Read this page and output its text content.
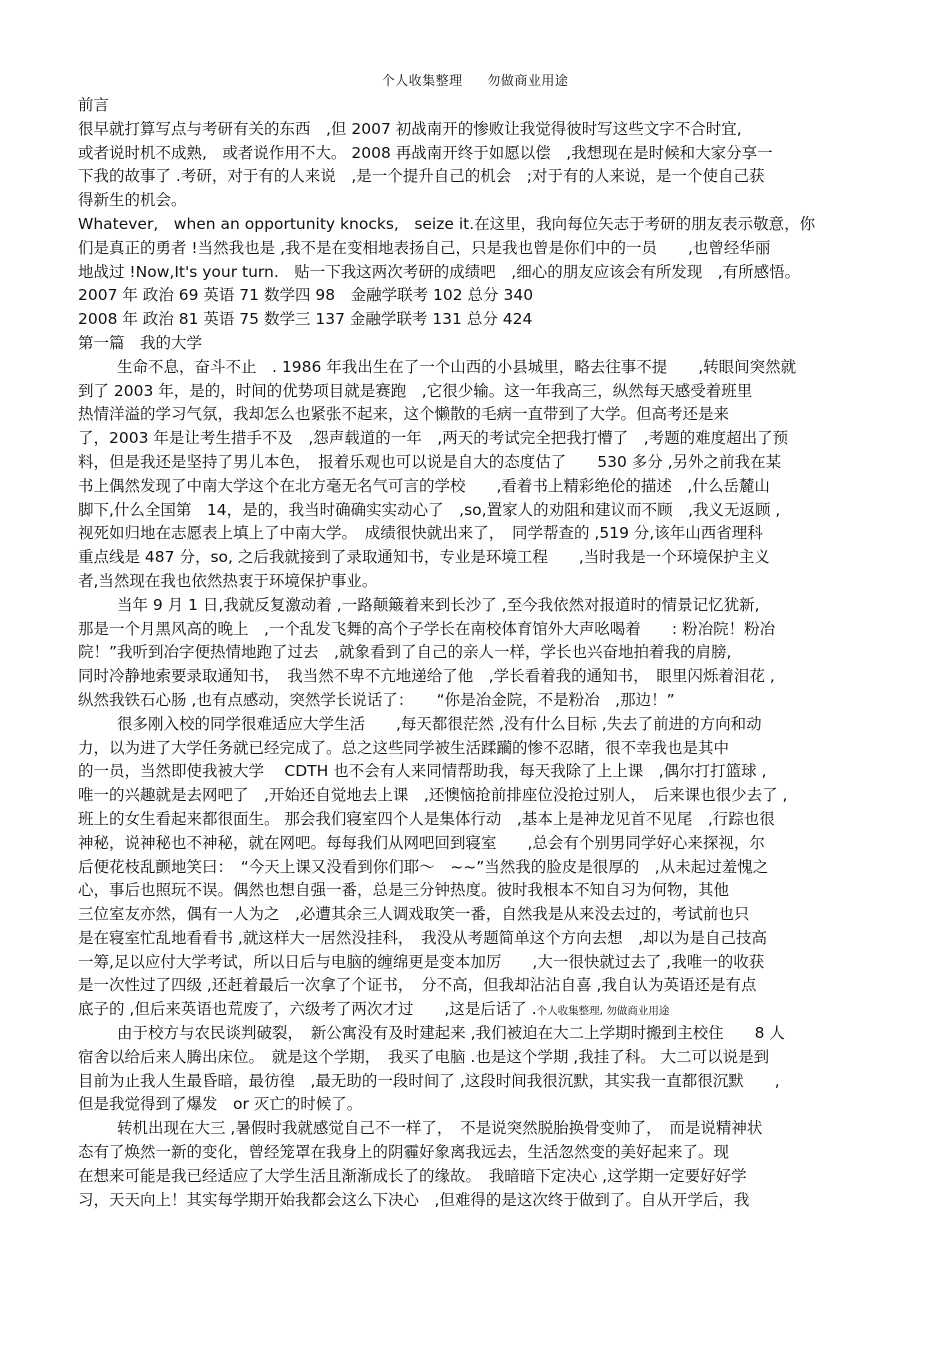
个人收集整理 勿做商业用途
前言
很早就打算写点与考研有关的东西　,但 2007 初战南开的惨败让我觉得彼时写这些文字不合时宜,
或者说时机不成熟,　或者说作用不大。 2008 再战南开终于如愿以偿　,我想现在是时候和大家分享一
下我的故事了 .考研，对于有的人来说　,是一个提升自己的机会　;对于有的人来说，是一个使自己获
得新生的机会。
Whatever,　when an opportunity knocks,　seize it.在这里，我向每位矢志于考研的朋友表示敬意，你
们是真正的勇者 !当然我也是 ,我不是在变相地表扬自己，只是我也曾是你们中的一员　　,也曾经华丽
地战过 !Now,It's your turn.　贴一下我这两次考研的成绩吧　,细心的朋友应该会有所发现　,有所感悟。
2007 年 政治 69 英语 71 数学四 98　金融学联考 102 总分 340
2008 年 政治 81 英语 75 数学三 137 金融学联考 131 总分 424
第一篇　我的大学
生命不息，奋斗不止　. 1986 年我出生在了一个山西的小县城里，略去往事不提　　,转眼间突然就
到了 2003 年，是的，时间的优势项目就是赛跑　,它很少输。这一年我高三，纵然每天感受着班里
热情洋溢的学习气氛，我却怎么也紧张不起来，这个懒散的毛病一直带到了大学。但高考还是来
了，2003 年是让考生措手不及　,怨声载道的一年　,两天的考试完全把我打懵了　,考题的难度超出了预
料，但是我还是坚持了男儿本色，　报着乐观也可以说是自大的态度估了　　530 多分 ,另外之前我在某
书上偶然发现了中南大学这个在北方毫无名气可言的学校　　,看着书上精彩绝伦的描述　,什么岳麓山
脚下,什么全国第　14，是的，我当时确确实实动心了　,so,置家人的劝阻和建议而不顾　,我义无返顾 ,
视死如归地在志愿表上填上了中南大学。　成绩很快就出来了，　同学帮查的 ,519 分,该年山西省理科
重点线是 487 分，so, 之后我就接到了录取通知书，专业是环境工程　　,当时我是一个环境保护主义
者,当然现在我也依然热衷于环境保护事业。
当年 9 月 1 日,我就反复激动着 ,一路颠簸着来到长沙了 ,至今我依然对报道时的情景记忆犹新,
那是一个月黑风高的晚上　,一个乱发飞舞的高个子学长在南校体育馆外大声吆喝着　　: 粉冶院！粉冶
院！”我听到冶字便热情地跑了过去　,就象看到了自己的亲人一样，学长也兴奋地拍着我的肩膀,
同时冷静地索要录取通知书，　我当然不卑不亢地递给了他　,学长看着我的通知书，　眼里闪烁着泪花 ,
纵然我铁石心肠 ,也有点感动，突然学长说话了：　　“你是冶金院，不是粉冶　,那边！”
很多刚入校的同学很难适应大学生活　　,每天都很茫然 ,没有什么目标 ,失去了前进的方向和动
力，以为进了大学任务就已经完成了。总之这些同学被生活蹂躏的惨不忍睹，很不幸我也是其中
的一员，当然即使我被大学　 CDTH 也不会有人来同情帮助我，每天我除了上上课　,偶尔打打篮球 ,
唯一的兴趣就是去网吧了　,开始还自觉地去上课　,还懊恼抢前排座位没抢过别人，　后来课也很少去了 ,
班上的女生看起来都很面生。 那会我们寝室四个人是集体行动　,基本上是神龙见首不见尾　,行踪也很
神秘，说神秘也不神秘，就在网吧。每每我们从网吧回到寝室　　,总会有个别男同学好心来探视，尔
后便花枝乱颤地笑曰：　“今天上课又没看到你们耶～　~~”当然我的脸皮是很厚的　,从未起过羞愧之
心，事后也照玩不误。偶然也想自强一番，总是三分钟热度。彼时我根本不知自习为何物，其他
三位室友亦然，偶有一人为之　,必遭其余三人调戏取笑一番，自然我是从来没去过的，考试前也只
是在寝室忙乱地看看书 ,就这样大一居然没挂科，　我没从考题简单这个方向去想　,却以为是自己技高
一筹,足以应付大学考试，所以日后与电脑的缠绵更是变本加厉　　,大一很快就过去了 ,我唯一的收获
是一次性过了四级 ,还赶着最后一次拿了个证书，　分不高，但我却沾沾自喜 ,我自认为英语还是有点
底子的 ,但后来英语也荒废了，六级考了两次才过　　,这是后话了 .个人收集整理, 勿做商业用途
由于校方与农民谈判破裂，　新公寓没有及时建起来 ,我们被迫在大二上学期时搬到主校住　　8 人
宿舍以给后来人腾出床位。　就是这个学期，　我买了电脑 .也是这个学期 ,我挂了科。 大二可以说是到
目前为止我人生最昏暗，最彷徨　,最无助的一段时间了 ,这段时间我很沉默，其实我一直都很沉默　　,
但是我觉得到了爆发　or 灭亡的时候了。
转机出现在大三 ,暑假时我就感觉自己不一样了，　不是说突然脱胎换骨变帅了，　而是说精神状
态有了焕然一新的变化，曾经笼罩在我身上的阴霾好象离我远去，生活忽然变的美好起来了。现
在想来可能是我已经适应了大学生活且渐渐成长了的缘故。　我暗暗下定决心 ,这学期一定要好好学
习，天天向上！其实每学期开始我都会这么下决心　,但难得的是这次终于做到了。自从开学后，我
